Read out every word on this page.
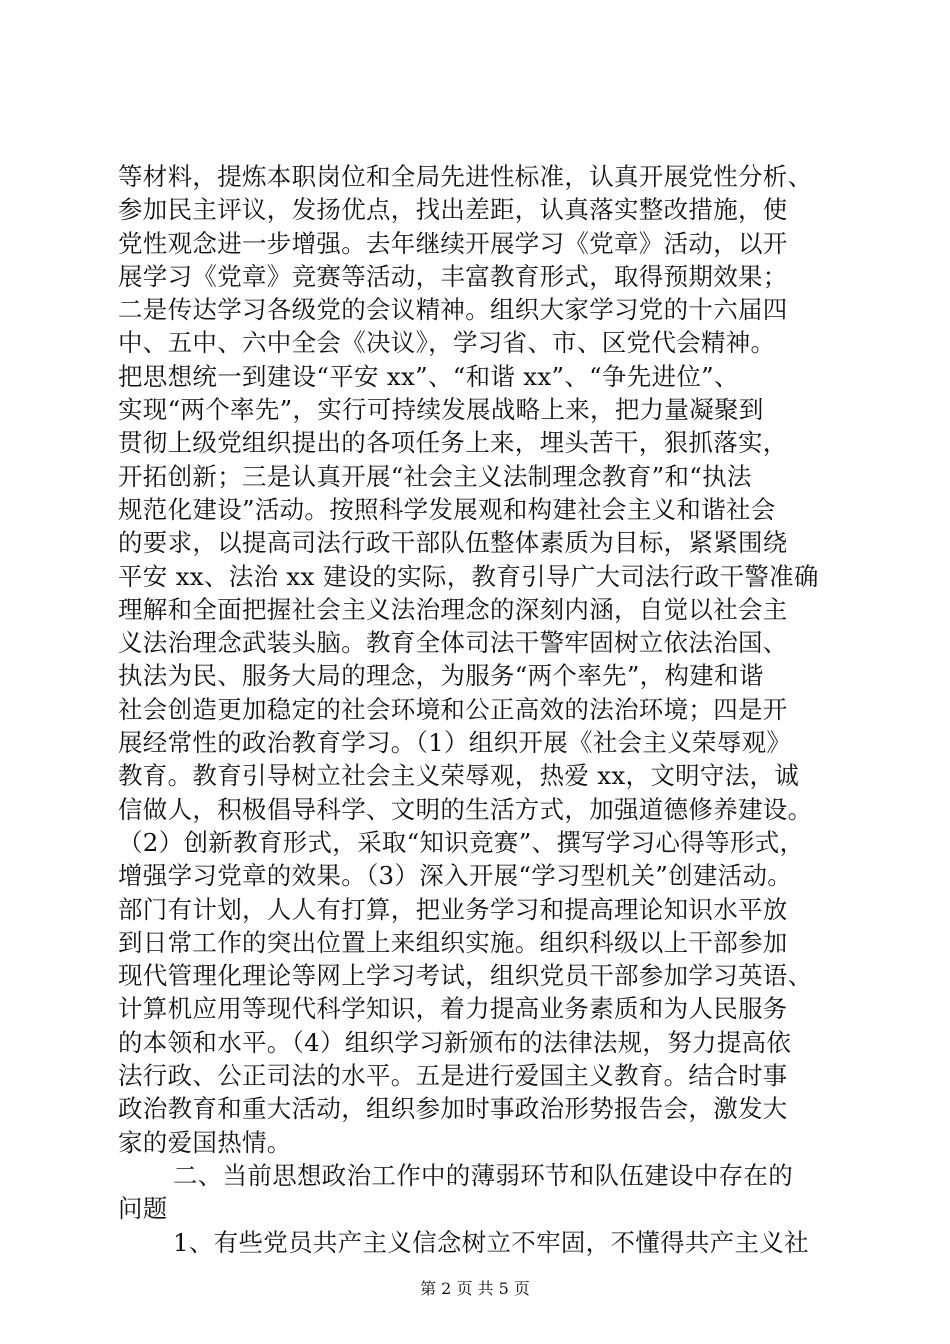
等材料，提炼本职岗位和全局先进性标准，认真开展党性分析、
参加民主评议，发扬优点，找出差距，认真落实整改措施，使
党性观念进一步增强。去年继续开展学习《党章》活动，以开
展学习《党章》竞赛等活动，丰富教育形式，取得预期效果；
二是传达学习各级党的会议精神。组织大家学习党的十六届四
中、五中、六中全会《决议》，学习省、市、区党代会精神。
把思想统一到建设“平安 xx”、“和谐 xx”、“争先进位”、
实现“两个率先”，实行可持续发展战略上来，把力量凝聚到
贯彻上级党组织提出的各项任务上来，埋头苦干，狠抓落实，
开拓创新；三是认真开展“社会主义法制理念教育”和“执法
规范化建设”活动。按照科学发展观和构建社会主义和谐社会
的要求，以提高司法行政干部队伍整体素质为目标，紧紧围绕
平安 xx、法治 xx 建设的实际，教育引导广大司法行政干警准确
理解和全面把握社会主义法治理念的深刻内涵，自觉以社会主
义法治理念武装头脑。教育全体司法干警牢固树立依法治国、
执法为民、服务大局的理念，为服务“两个率先”，构建和谐
社会创造更加稳定的社会环境和公正高效的法治环境；四是开
展经常性的政治教育学习。（1）组织开展《社会主义荣辱观》
教育。教育引导树立社会主义荣辱观，热爱 xx，文明守法，诚
信做人，积极倡导科学、文明的生活方式，加强道德修养建设。
（2）创新教育形式，采取“知识竞赛”、撰写学习心得等形式，
增强学习党章的效果。（3）深入开展“学习型机关”创建活动。
部门有计划，人人有打算，把业务学习和提高理论知识水平放
到日常工作的突出位置上来组织实施。组织科级以上干部参加
现代管理化理论等网上学习考试，组织党员干部参加学习英语、
计算机应用等现代科学知识，着力提高业务素质和为人民服务
的本领和水平。（4）组织学习新颁布的法律法规，努力提高依
法行政、公正司法的水平。五是进行爱国主义教育。结合时事
政治教育和重大活动，组织参加时事政治形势报告会，激发大
家的爱国热情。
二、当前思想政治工作中的薄弱环节和队伍建设中存在的
问题
1、有些党员共产主义信念树立不牢固，不懂得共产主义社
第 2 页 共 5 页
